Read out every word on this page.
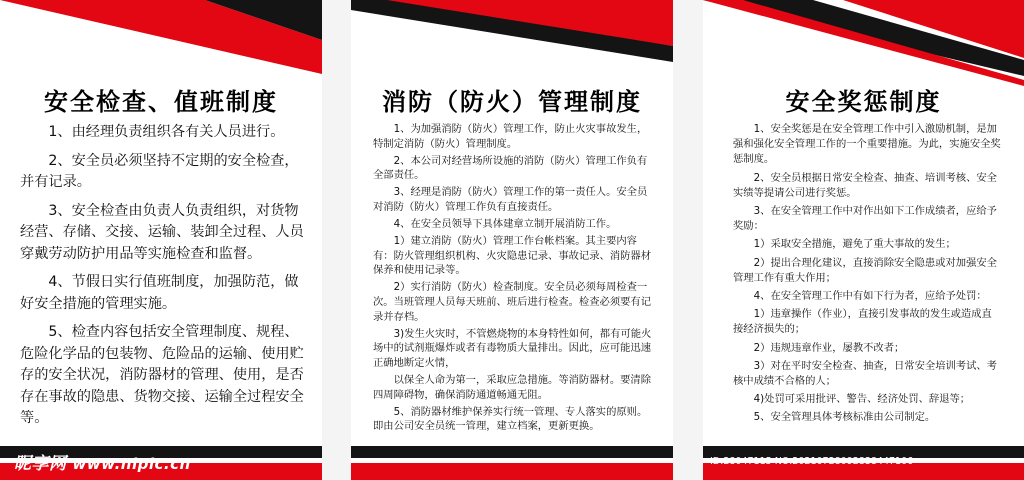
安全检查、值班制度

1、由经理负责组织各有关人员进行。

2、安全员必须坚持不定期的安全检查，并有记录。

3、安全检查由负责人负责组织，对货物经营、存储、交接、运输、装卸全过程、人员穿戴劳动防护用品等实施检查和监督。

4、节假日实行值班制度，加强防范，做好安全措施的管理实施。

5、检查内容包括安全管理制度、规程、危险化学品的包装物、危险品的运输、使用贮存的安全状况，消防器材的管理、使用，是否存在事故的隐患、货物交接、运输全过程安全等。

昵享网 www.nipic.cn
消防（防火）管理制度

1、为加强消防（防火）管理工作，防止火灾事故发生，特制定消防（防火）管理制度。

2、本公司对经营场所设施的消防（防火）管理工作负有全部责任。

3、经理是消防（防火）管理工作的第一责任人。安全员对消防（防火）管理工作负有直接责任。

4、在安全员领导下具体建章立制开展消防工作。

1）建立消防（防火）管理工作台帐档案。其主要内容有：防火管理组织机构、火灾隐患记录、事故记录、消防器材保养和使用记录等。

2）实行消防（防火）检查制度。安全员必须每周检查一次。当班管理人员每天班前、班后进行检查。检查必须要有记录并存档。

3)发生火灾时，不管燃烧物的本身特性如何，都有可能火场中的试剂瓶爆炸或者有毒物质大量排出。因此，应可能迅速正确地断定火情，

以保全人命为第一，采取应急措施。等消防器材。要清除四周障碍物，确保消防通道畅通无阻。

5、消防器材维护保养实行统一管理、专人落实的原则。即由公司安全员统一管理，建立档案，更新更换。

安全奖惩制度

1、安全奖惩是在安全管理工作中引入激励机制，是加强和强化安全管理工作的一个重要措施。为此，实施安全奖惩制度。

2、安全员根据日常安全检查、抽查、培训考核、安全实绩等提请公司进行奖惩。

3、在安全管理工作中对作出如下工作成绩者，应给予奖励：

1）采取安全措施，避免了重大事故的发生；

2）提出合理化建议，直接消除安全隐患或对加强安全管理工作有重大作用；

4、在安全管理工作中有如下行为者，应给予处罚：

1）违章操作（作业），直接引发事故的发生或造成直接经济损失的；

2）违规违章作业，屡教不改者；

3）对在平时安全检查、抽查，日常安全培训考试、考核中成绩不合格的人；

4)处罚可采用批评、警告、经济处罚、辞退等；

5、安全管理具体考核标准由公司制定。

ID:28047115 NO:20210728092838447106
